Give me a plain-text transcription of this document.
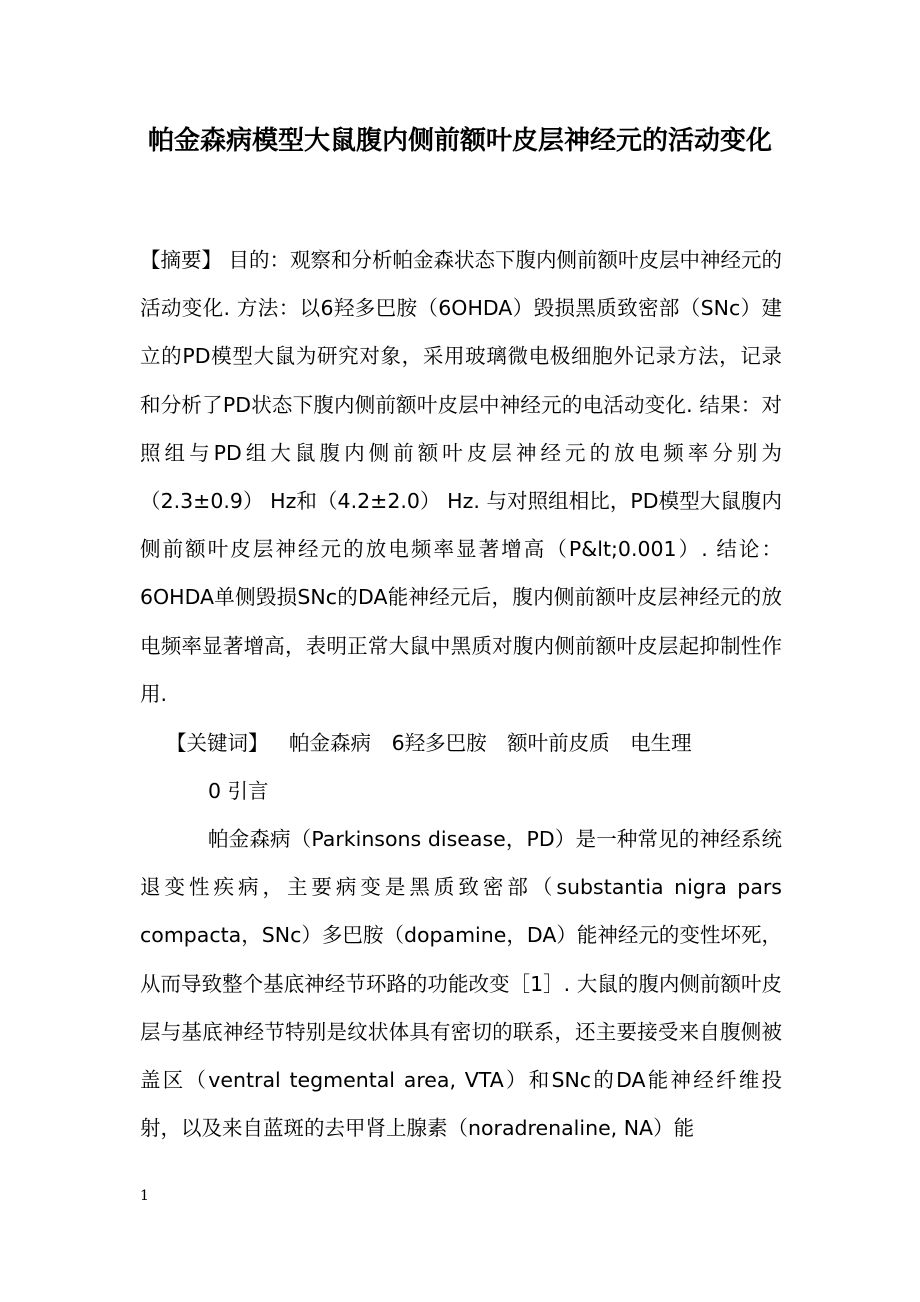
帕金森病模型大鼠腹内侧前额叶皮层神经元的活动变化

【摘要】 目的：观察和分析帕金森状态下腹内侧前额叶皮层中神经元的活动变化. 方法：以6羟多巴胺（6OHDA）毁损黑质致密部（SNc）建立的PD模型大鼠为研究对象，采用玻璃微电极细胞外记录方法，记录和分析了PD状态下腹内侧前额叶皮层中神经元的电活动变化. 结果：对照组与PD组大鼠腹内侧前额叶皮层神经元的放电频率分别为（2.3±0.9） Hz和（4.2±2.0） Hz. 与对照组相比，PD模型大鼠腹内侧前额叶皮层神经元的放电频率显著增高（P&lt;0.001）. 结论：6OHDA单侧毁损SNc的DA能神经元后，腹内侧前额叶皮层神经元的放电频率显著增高，表明正常大鼠中黑质对腹内侧前额叶皮层起抑制性作用.

【关键词】 帕金森病 6羟多巴胺 额叶前皮质 电生理

0 引言

帕金森病（Parkinsons disease，PD）是一种常见的神经系统退变性疾病，主要病变是黑质致密部（substantia nigra pars compacta，SNc）多巴胺（dopamine，DA）能神经元的变性坏死，从而导致整个基底神经节环路的功能改变［1］. 大鼠的腹内侧前额叶皮层与基底神经节特别是纹状体具有密切的联系，还主要接受来自腹侧被盖区（ventral tegmental area, VTA）和SNc的DA能神经纤维投射，以及来自蓝斑的去甲肾上腺素（noradrenaline, NA）能

1
